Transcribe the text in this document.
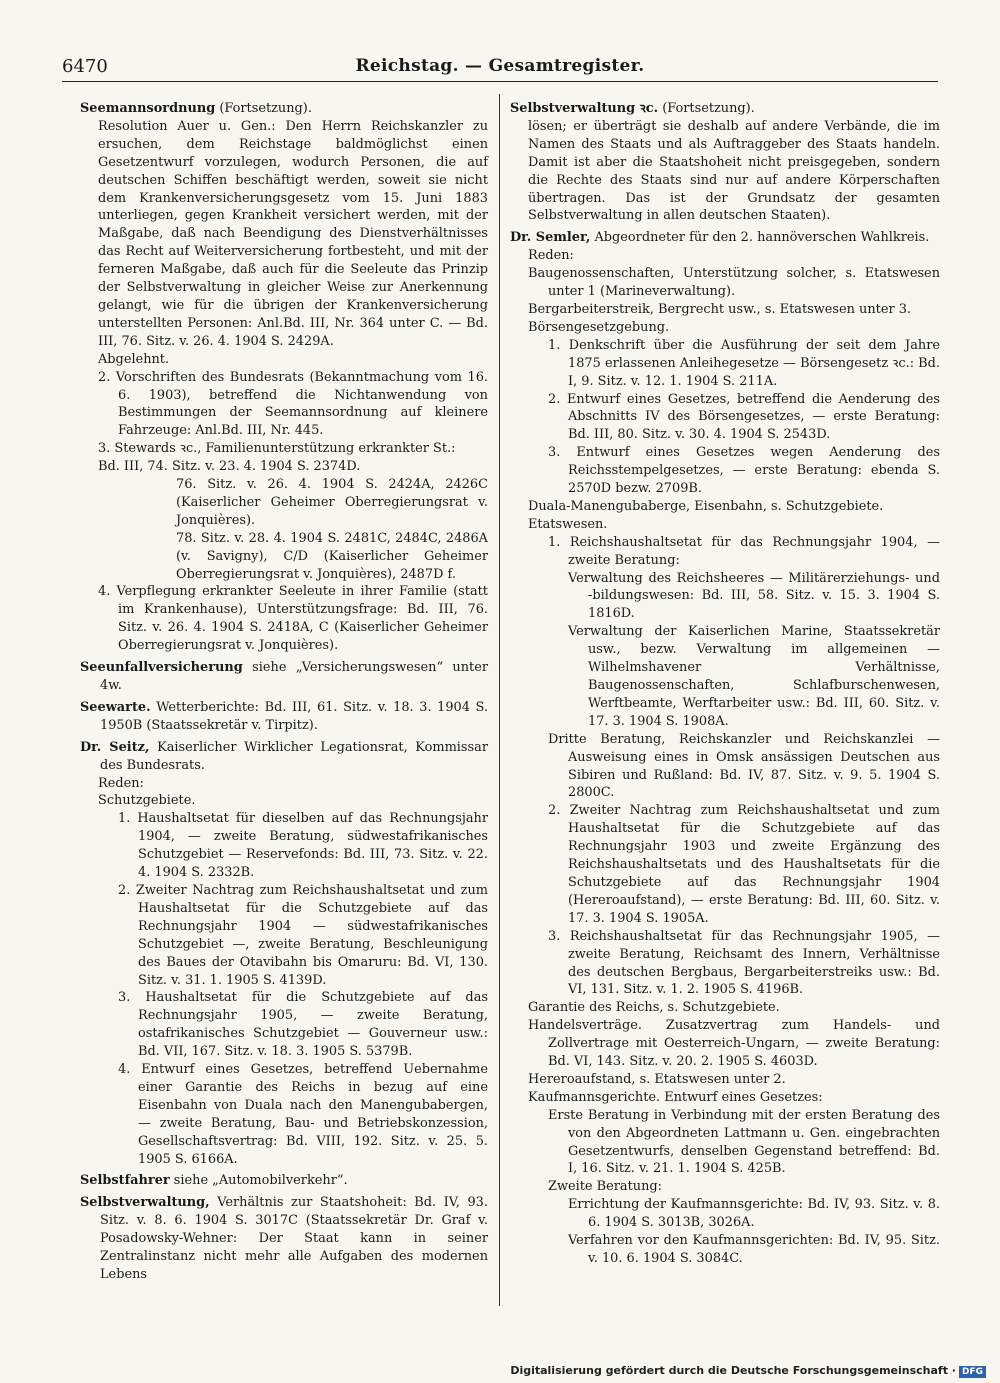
6470	Reichstag. — Gesamtregister.

Seemannsordnung (Fortsetzung).

Resolution Auer u. Gen.: Den Herrn Reichskanzler zu ersuchen, dem Reichstage baldmöglichst einen Gesetzentwurf vorzulegen, wodurch Personen, die auf deutschen Schiffen beschäftigt werden, soweit sie nicht dem Krankenversicherungsgesetz vom 15. Juni 1883 unterliegen, gegen Krankheit versichert werden, mit der Maßgabe, daß nach Beendigung des Dienstverhältnisses das Recht auf Weiterversicherung fortbesteht, und mit der ferneren Maßgabe, daß auch für die Seeleute das Prinzip der Selbstverwaltung in gleicher Weise zur Anerkennung gelangt, wie für die übrigen der Krankenversicherung unterstellten Personen: Anl.Bd. III, Nr. 364 unter C. — Bd. III, 76. Sitz. v. 26. 4. 1904 S. 2429A.

Abgelehnt.

2. Vorschriften des Bundesrats (Bekanntmachung vom 16. 6. 1903), betreffend die Nichtanwendung von Bestimmungen der Seemannsordnung auf kleinere Fahrzeuge: Anl.Bd. III, Nr. 445.

3. Stewards ꝛc., Familienunterstützung erkrankter St.:

Bd. III, 74. Sitz. v. 23. 4. 1904 S. 2374D.

76. Sitz. v. 26. 4. 1904 S. 2424A, 2426C (Kaiserlicher Geheimer Oberregierungsrat v. Jonquières).

78. Sitz. v. 28. 4. 1904 S. 2481C, 2484C, 2486A (v. Savigny), C/D (Kaiserlicher Geheimer Oberregierungsrat v. Jonquières), 2487D f.

4. Verpflegung erkrankter Seeleute in ihrer Familie (statt im Krankenhause), Unterstützungsfrage: Bd. III, 76. Sitz. v. 26. 4. 1904 S. 2418A, C (Kaiserlicher Geheimer Oberregierungsrat v. Jonquières).

Seeunfallversicherung siehe „Versicherungswesen“ unter 4w.

Seewarte. Wetterberichte: Bd. III, 61. Sitz. v. 18. 3. 1904 S. 1950B (Staatssekretär v. Tirpitz).

Dr. Seitz, Kaiserlicher Wirklicher Legationsrat, Kommissar des Bundesrats.

Reden:

Schutzgebiete.

1. Haushaltsetat für dieselben auf das Rechnungsjahr 1904, — zweite Beratung, südwestafrikanisches Schutzgebiet — Reservefonds: Bd. III, 73. Sitz. v. 22. 4. 1904 S. 2332B.

2. Zweiter Nachtrag zum Reichshaushaltsetat und zum Haushaltsetat für die Schutzgebiete auf das Rechnungsjahr 1904 — südwestafrikanisches Schutzgebiet —, zweite Beratung, Beschleunigung des Baues der Otavibahn bis Omaruru: Bd. VI, 130. Sitz. v. 31. 1. 1905 S. 4139D.

3. Haushaltsetat für die Schutzgebiete auf das Rechnungsjahr 1905, — zweite Beratung, ostafrikanisches Schutzgebiet — Gouverneur usw.: Bd. VII, 167. Sitz. v. 18. 3. 1905 S. 5379B.

4. Entwurf eines Gesetzes, betreffend Uebernahme einer Garantie des Reichs in bezug auf eine Eisenbahn von Duala nach den Manengubabergen, — zweite Beratung, Bau- und Betriebskonzession, Gesellschaftsvertrag: Bd. VIII, 192. Sitz. v. 25. 5. 1905 S. 6166A.

Selbstfahrer siehe „Automobilverkehr“.

Selbstverwaltung, Verhältnis zur Staatshoheit: Bd. IV, 93. Sitz. v. 8. 6. 1904 S. 3017C (Staatssekretär Dr. Graf v. Posadowsky-Wehner: Der Staat kann in seiner Zentralinstanz nicht mehr alle Aufgaben des modernen Lebens

Selbstverwaltung ꝛc. (Fortsetzung).

lösen; er überträgt sie deshalb auf andere Verbände, die im Namen des Staats und als Auftraggeber des Staats handeln. Damit ist aber die Staatshoheit nicht preisgegeben, sondern die Rechte des Staats sind nur auf andere Körperschaften übertragen. Das ist der Grundsatz der gesamten Selbstverwaltung in allen deutschen Staaten).

Dr. Semler, Abgeordneter für den 2. hannöverschen Wahlkreis.

Reden:

Baugenossenschaften, Unterstützung solcher, s. Etatswesen unter 1 (Marineverwaltung).

Bergarbeiterstreik, Bergrecht usw., s. Etatswesen unter 3.

Börsengesetzgebung.

1. Denkschrift über die Ausführung der seit dem Jahre 1875 erlassenen Anleihegesetze — Börsengesetz ꝛc.: Bd. I, 9. Sitz. v. 12. 1. 1904 S. 211A.

2. Entwurf eines Gesetzes, betreffend die Aenderung des Abschnitts IV des Börsengesetzes, — erste Beratung: Bd. III, 80. Sitz. v. 30. 4. 1904 S. 2543D.

3. Entwurf eines Gesetzes wegen Aenderung des Reichsstempelgesetzes, — erste Beratung: ebenda S. 2570D bezw. 2709B.

Duala-Manengubaberge, Eisenbahn, s. Schutzgebiete.

Etatswesen.

1. Reichshaushaltsetat für das Rechnungsjahr 1904, — zweite Beratung:

Verwaltung des Reichsheeres — Militärerziehungs- und -bildungswesen: Bd. III, 58. Sitz. v. 15. 3. 1904 S. 1816D.

Verwaltung der Kaiserlichen Marine, Staatssekretär usw., bezw. Verwaltung im allgemeinen — Wilhelmshavener Verhältnisse, Baugenossenschaften, Schlafburschenwesen, Werftbeamte, Werftarbeiter usw.: Bd. III, 60. Sitz. v. 17. 3. 1904 S. 1908A.

Dritte Beratung, Reichskanzler und Reichskanzlei — Ausweisung eines in Omsk ansässigen Deutschen aus Sibiren und Rußland: Bd. IV, 87. Sitz. v. 9. 5. 1904 S. 2800C.

2. Zweiter Nachtrag zum Reichshaushaltsetat und zum Haushaltsetat für die Schutzgebiete auf das Rechnungsjahr 1903 und zweite Ergänzung des Reichshaushaltsetats und des Haushaltsetats für die Schutzgebiete auf das Rechnungsjahr 1904 (Hereroaufstand), — erste Beratung: Bd. III, 60. Sitz. v. 17. 3. 1904 S. 1905A.

3. Reichshaushaltsetat für das Rechnungsjahr 1905, — zweite Beratung, Reichsamt des Innern, Verhältnisse des deutschen Bergbaus, Bergarbeiterstreiks usw.: Bd. VI, 131. Sitz. v. 1. 2. 1905 S. 4196B.

Garantie des Reichs, s. Schutzgebiete.

Handelsverträge. Zusatzvertrag zum Handels- und Zollvertrage mit Oesterreich-Ungarn, — zweite Beratung: Bd. VI, 143. Sitz. v. 20. 2. 1905 S. 4603D.

Hereroaufstand, s. Etatswesen unter 2.

Kaufmannsgerichte. Entwurf eines Gesetzes:

Erste Beratung in Verbindung mit der ersten Beratung des von den Abgeordneten Lattmann u. Gen. eingebrachten Gesetzentwurfs, denselben Gegenstand betreffend: Bd. I, 16. Sitz. v. 21. 1. 1904 S. 425B.

Zweite Beratung:

Errichtung der Kaufmannsgerichte: Bd. IV, 93. Sitz. v. 8. 6. 1904 S. 3013B, 3026A.

Verfahren vor den Kaufmannsgerichten: Bd. IV, 95. Sitz. v. 10. 6. 1904 S. 3084C.

Digitalisierung gefördert durch die Deutsche Forschungsgemeinschaft · DFG
